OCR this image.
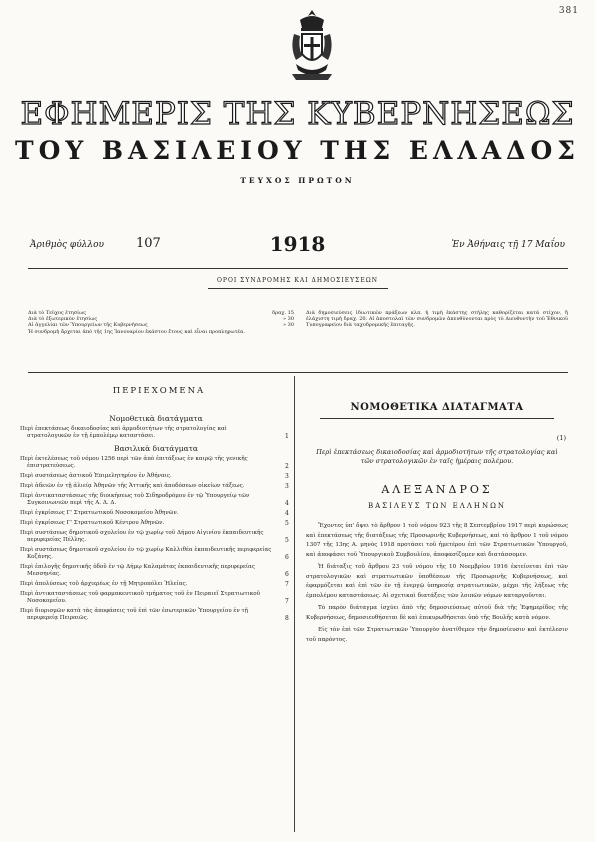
381
ΕΦΗΜΕΡΙΣ ΤΗΣ ΚΥΒΕΡΝΗΣΕΩΣ
ΤΟΥ ΒΑΣΙΛΕΙΟΥ ΤΗΣ ΕΛΛΑΔΟΣ
ΤΕΥΧΟΣ ΠΡΩΤΟΝ
Ἀριθμὸς φύλλου 107	1918	Ἐν Ἀθήναις τῇ 17 Μαΐου
ΟΡΟΙ ΣΥΝΔΡΟΜΗΣ ΚΑΙ ΔΗΜΟΣΙΕΥΣΕΩΝ
Διὰ τὸ Τεῦχος ἐτησίως	δραχ. 15
Διὰ τὸ ἐξωτερικὸν ἐτησίως	» 30
Αἱ ἀγγελίαι τῶν Ὑπουργείων τῆς Κυβερνήσεως	» 30
Ἡ συνδρομὴ ἄρχεται ἀπὸ τῆς 1ης Ἰανουαρίου ἑκάστου ἔτους καὶ εἶναι προπληρωτέα.
Διὰ δημοσιεύσεις ἰδιωτικῶν πράξεων κλπ. ἡ τιμὴ ἑκάστης στήλης καθορίζεται κατὰ στίχον, ἢ ἐλάχιστη τιμὴ δραχ. 20. Αἱ ἀποστολαὶ τῶν συνδρομῶν ἀπευθύνονται πρὸς τὸ Διευθυντὴν τοῦ Ἐθνικοῦ Τυπογραφείου διὰ ταχυδρομικῆς ἐπιταγῆς.
ΠΕΡΙΕΧΟΜΕΝΑ
Νομοθετικὰ διατάγματα
Περὶ ἐπεκτάσεως δικαιοδοσίας καὶ ἁρμοδιοτήτων τῆς στρατολογίας καὶ στρατολογικῶν ἐν τῇ ἐμπολέμῳ καταστάσει.	1
Βασιλικὰ διατάγματα
Περὶ ἐκτελέσεως τοῦ νόμου 1256 περὶ τῶν ἀπὸ ἐπιτάξεως ἐν καιρῷ τῆς γενικῆς ἐπιστρατεύσεως.	2
Περὶ συστάσεως ἀστικοῦ Ἐπιμελητηρίου ἐν Ἀθήναις.	3
Περὶ ἀδειῶν ἐν τῇ ἀλιείᾳ Ἀθηνῶν τῆς Ἀττικῆς καὶ ἀποδόσεων οἰκείων τάξεως.	3
Περὶ ἀντικαταστάσεως τῆς διοικήσεως τοῦ Σιδηροδρόμου ἐν τῷ Ὑπουργείῳ τῶν Συγκοινωνιῶν περὶ τῆς Α. Δ. Δ.	4
Περὶ ἐγκρίσεως Γ' Στρατιωτικοῦ Νοσοκομείου Ἀθηνῶν.	4
Περὶ ἐγκρίσεως Γ' Στρατιωτικοῦ Κέντρου Ἀθηνῶν.	5
Περὶ συστάσεως δημοτικοῦ σχολείου ἐν τῷ χωρίῳ τοῦ Δήμου Αἰγινίου ἐκπαιδευτικῆς περιφερείας Πέλλης.	5
Περὶ συστάσεως δημοτικοῦ σχολείου ἐν τῷ χωρίῳ Καλλιθέα ἐκπαιδευτικῆς περιφερείας Κοζάνης.	6
Περὶ ἐπιλογῆς δημοτικῆς ὁδοῦ ἐν τῷ Δήμῳ Καλαμάτας ἐκπαιδευτικῆς περιφερείας Μεσσηνίας.	6
Περὶ ἀπολύσεως τοῦ ἀρχιερέως ἐν τῇ Μητροπόλει Ἠλείας.	7
Περὶ ἀντικαταστάσεως τοῦ φαρμακευτικοῦ τμήματος τοῦ ἐν Πειραιεῖ Στρατιωτικοῦ Νοσοκομείου.	7
Περὶ διορισμῶν κατὰ τὰς ἀποφάσεις τοῦ ἐπὶ τῶν ἐσωτερικῶν Ὑπουργείου ἐν τῇ περιφερείᾳ Πειραιῶς.	8
ΝΟΜΟΘΕΤΙΚΑ ΔΙΑΤΑΓΜΑΤΑ
(1)
Περὶ ἐπεκτάσεως δικαιοδοσίας καὶ ἁρμοδιοτήτων τῆς στρατολογίας καὶ τῶν στρατολογικῶν ἐν ταῖς ἡμέραις πολέμου.
ΑΛΕΞΑΝΔΡΟΣ
ΒΑΣΙΛΕΥΣ ΤΩΝ ΕΛΛΗΝΩΝ

Ἔχοντες ὑπ' ὄψει τὸ ἄρθρον 1 τοῦ νόμου 923 τῆς 8 Σεπτεμβρίου 1917 περὶ κυρώσεως καὶ ἐπεκτάσεως τῆς διατάξεως τῆς Προσωρινῆς Κυβερνήσεως, καὶ τὸ ἄρθρον 1 τοῦ νόμου 1307 τῆς 13ης Α. μηνὸς 1918 προτάσει τοῦ ἡμετέρου ἐπὶ τῶν Στρατιωτικῶν Ὑπουργοῦ, καὶ ἀποφάσει τοῦ Ὑπουργικοῦ Συμβουλίου, ἀποφασίζομεν καὶ διατάσσομεν.

Ἡ διάταξις τοῦ ἄρθρου 23 τοῦ νόμου τῆς 10 Νοεμβρίου 1916 ἐκτείνεται ἐπὶ τῶν στρατολογικῶν καὶ στρατιωτικῶν ὑποθέσεων τῆς Προσωρινῆς Κυβερνήσεως, καὶ ἐφαρμόζεται καὶ ἐπὶ τῶν ἐν τῇ ἐνεργῷ ὑπηρεσίᾳ στρατιωτικῶν, μέχρι τῆς λήξεως τῆς ἐμπολέμου καταστάσεως. Αἱ σχετικαὶ διατάξεις τῶν λοιπῶν νόμων καταργοῦνται.

Τὸ παρὸν διάταγμα ἰσχύει ἀπὸ τῆς δημοσιεύσεως αὐτοῦ διὰ τῆς Ἐφημερίδος τῆς Κυβερνήσεως, δημοσιευθήσεται δὲ καὶ ἐπικυρωθήσεται ὑπὸ τῆς Βουλῆς κατὰ νόμον.

Εἰς τὸν ἐπὶ τῶν Στρατιωτικῶν Ὑπουργὸν ἀνατίθεμεν τὴν δημοσίευσιν καὶ ἐκτέλεσιν τοῦ παρόντος.
